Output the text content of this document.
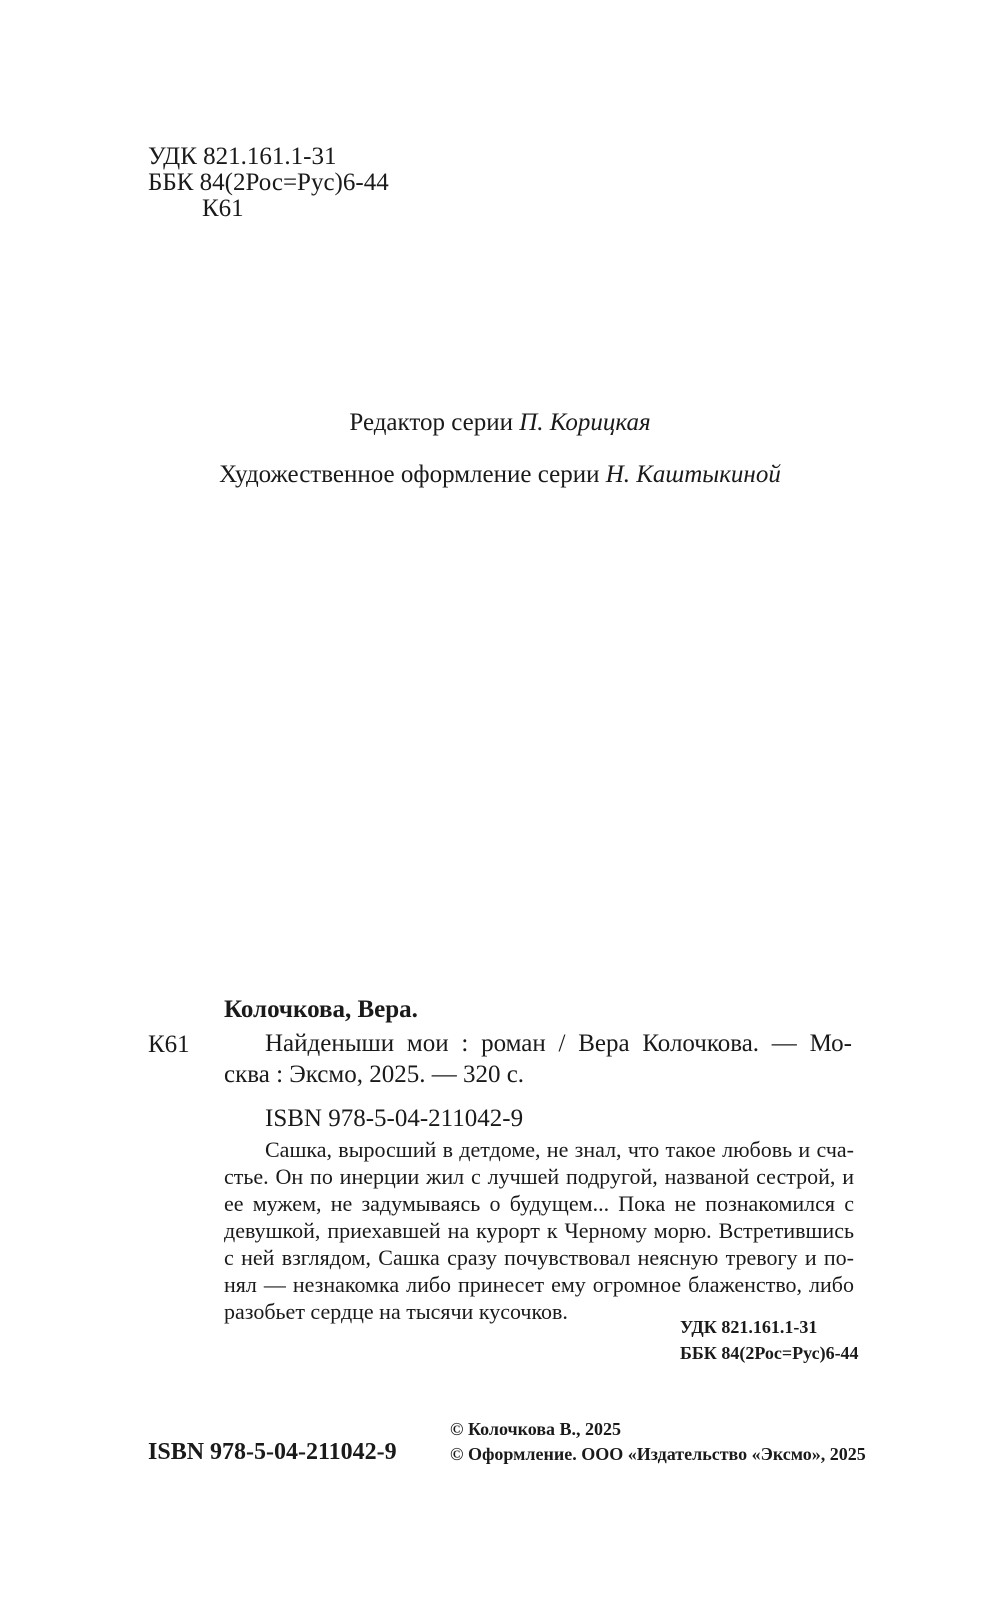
УДК 821.161.1-31
ББК 84(2Рос=Рус)6-44
К61
Редактор серии П. Корицкая
Художественное оформление серии Н. Каштыкиной
К61
Колочкова, Вера.
Найденыши мои : роман / Вера Колочкова. — Мо-
сква : Эксмо, 2025. — 320 с.
ISBN 978-5-04-211042-9
Сашка, выросший в детдоме, не знал, что такое любовь и сча-
стье. Он по инерции жил с лучшей подругой, названой сестрой, и
ее мужем, не задумываясь о будущем... Пока не познакомился с
девушкой, приехавшей на курорт к Черному морю. Встретившись
с ней взглядом, Сашка сразу почувствовал неясную тревогу и по-
нял — незнакомка либо принесет ему огромное блаженство, либо
разобьет сердце на тысячи кусочков.
УДК 821.161.1-31
ББК 84(2Рос=Рус)6-44
ISBN 978-5-04-211042-9
© Колочкова В., 2025
© Оформление. ООО «Издательство «Эксмо», 2025
